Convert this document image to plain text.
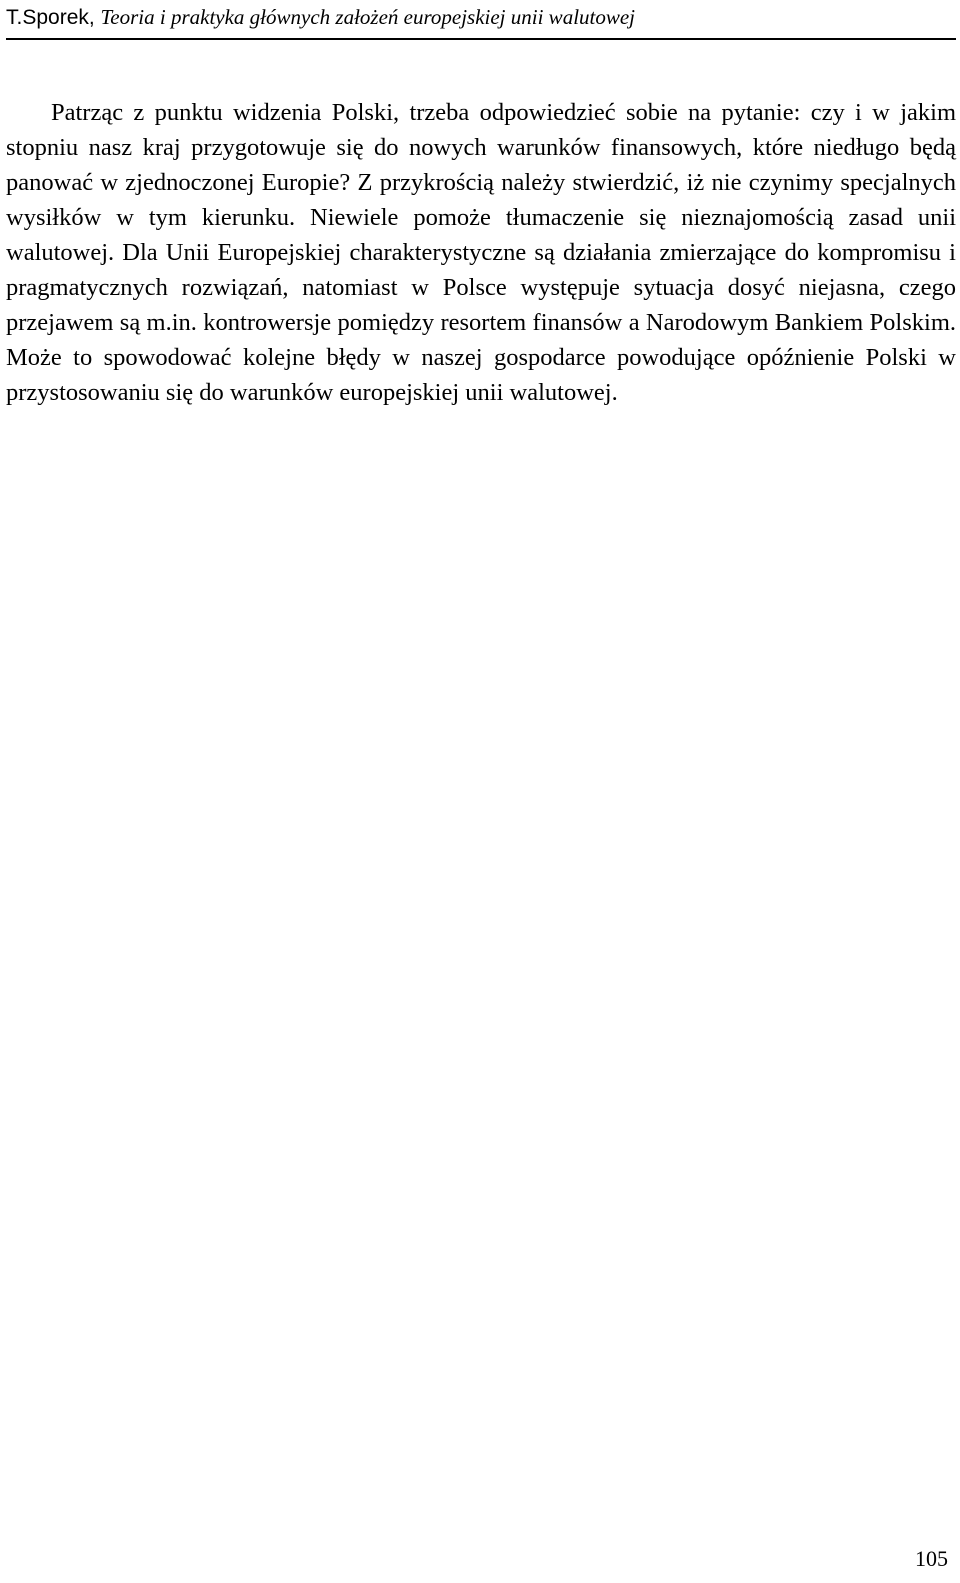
T.Sporek, Teoria i praktyka głównych założeń europejskiej unii walutowej

Patrząc z punktu widzenia Polski, trzeba odpowiedzieć sobie na pytanie: czy i w jakim stopniu nasz kraj przygotowuje się do nowych warunków finansowych, które niedługo będą panować w zjednoczonej Europie? Z przykrością należy stwierdzić, iż nie czynimy specjalnych wysiłków w tym kierunku. Niewiele pomoże tłumaczenie się nieznajomością zasad unii walutowej. Dla Unii Europejskiej charakterystyczne są działania zmierzające do kompromisu i pragmatycznych rozwiązań, natomiast w Polsce występuje sytuacja dosyć niejasna, czego przejawem są m.in. kontrowersje pomiędzy resortem finansów a Narodowym Bankiem Polskim. Może to spowodować kolejne błędy w naszej gospodarce powodujące opóźnienie Polski w przystosowaniu się do warunków europejskiej unii walutowej.

105
